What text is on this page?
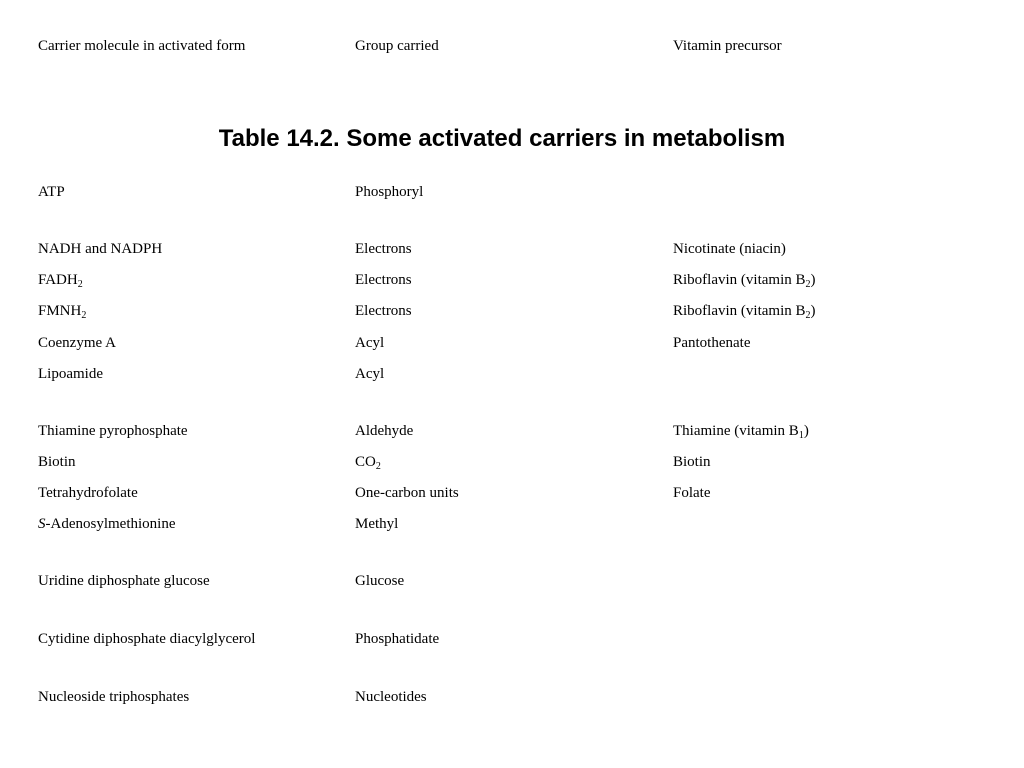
Carrier molecule in activated form	Group carried	Vitamin precursor
Table 14.2. Some activated carriers in metabolism
ATP	Phosphoryl
NADH and NADPH	Electrons	Nicotinate (niacin)
$FADH_2$	Electrons	Riboflavin (vitamin $B_2$)
$FMNH_2$	Electrons	Riboflavin (vitamin $B_2$)
Coenzyme A	Acyl	Pantothenate
Lipoamide	Acyl
Thiamine pyrophosphate	Aldehyde	Thiamine (vitamin $B_1$)
Biotin	$CO_2$	Biotin
Tetrahydrofolate	One-carbon units	Folate
S-Adenosylmethionine	Methyl
Uridine diphosphate glucose	Glucose
Cytidine diphosphate diacylglycerol	Phosphatidate
Nucleoside triphosphates	Nucleotides
